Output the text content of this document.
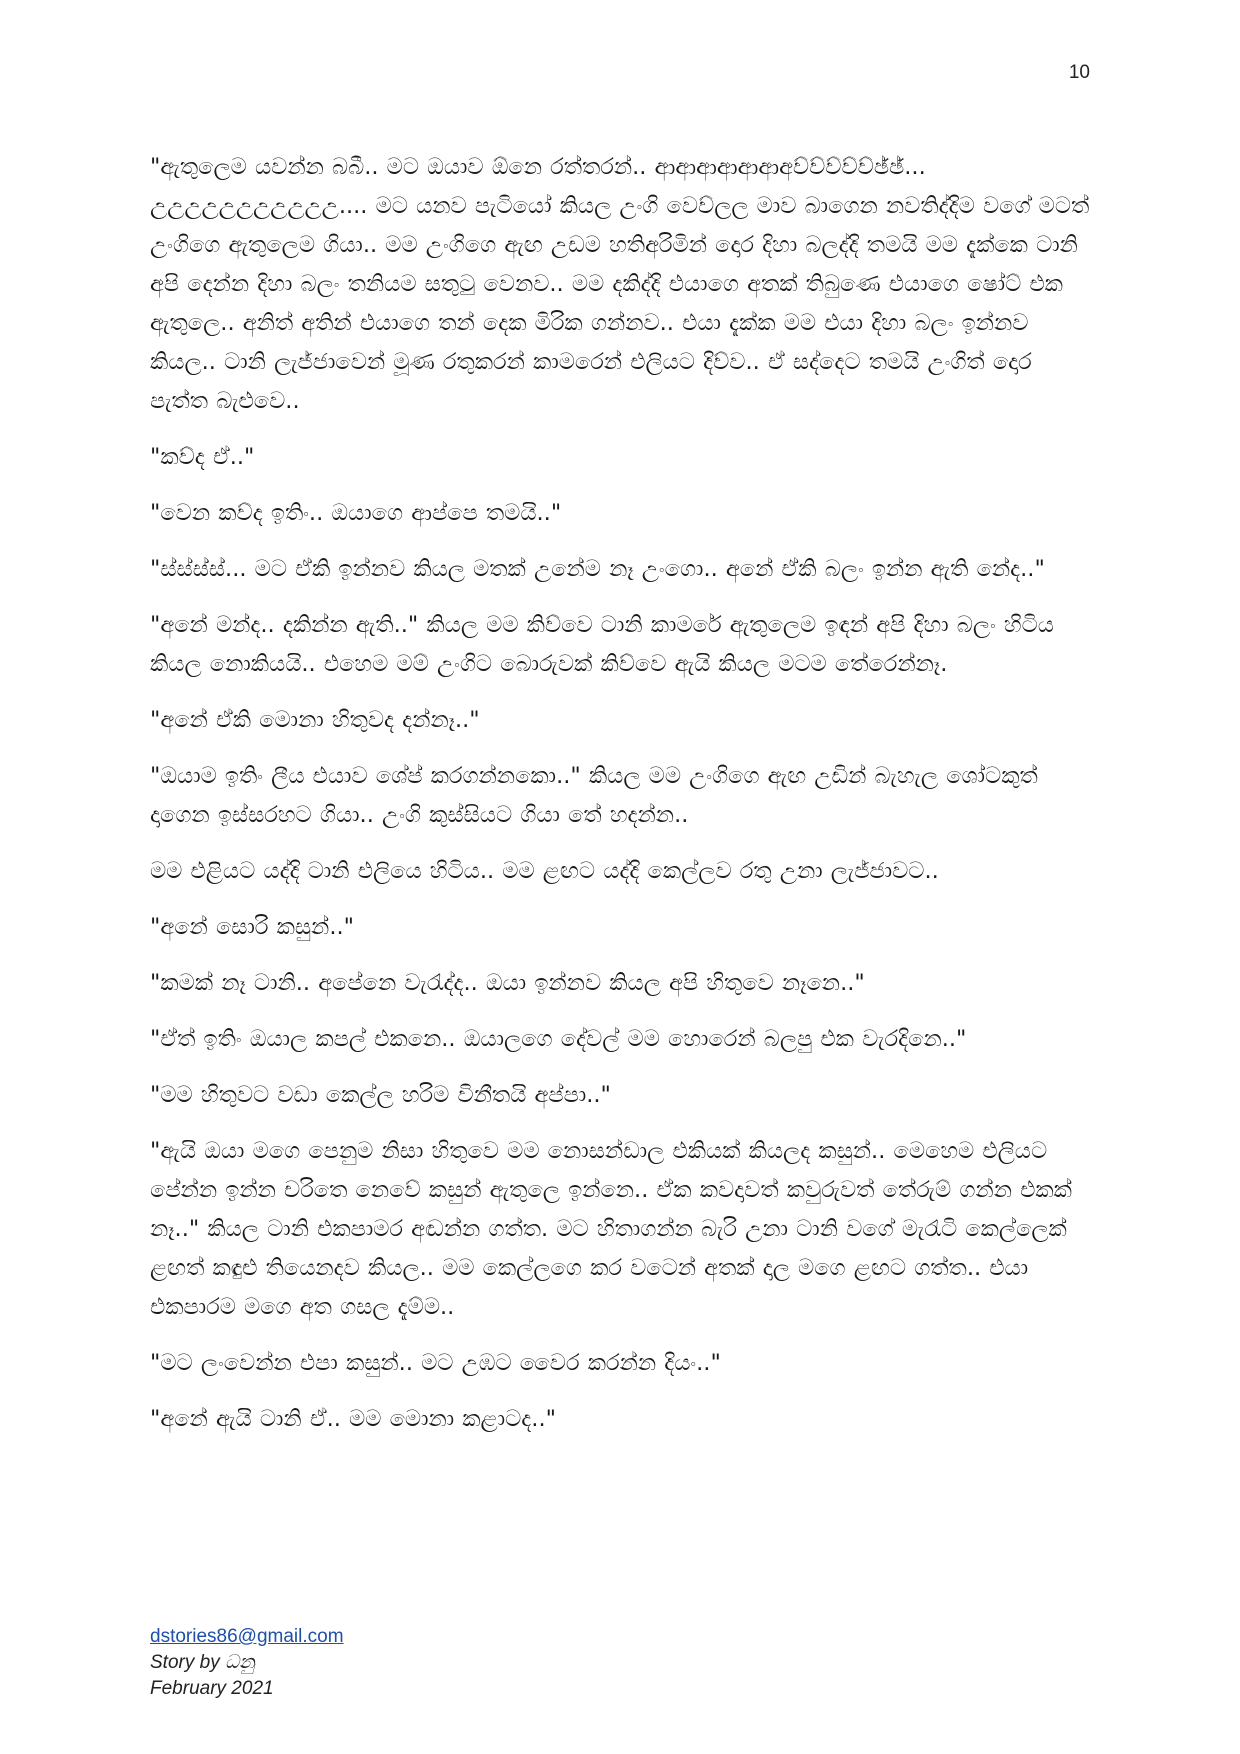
10

"ඇතුලෙම යවන්න බබී.. මට ඔයාව ඕනෙ රත්තරන්.. ආආආආආආඅව්ව්ව්ව්ව්ඡ්ඡ්... උඋඋඋඋඋඋඋඋඋඋ.... මට යනව පැටියෝ කියල උංගි වෙව්ලල මාව බාගෙන නවතිද්දිම වගේ මටත් උංගිගෙ ඇතුලෙම ගියා.. මම උංගිගෙ ඇඟ උඩම හතිඅරිමින් දොර දිහා බලද්දි තමයි මම දැක්කෙ ටානි අපි දෙන්න දිහා බලං තනියම සතුටු වෙනව.. මම දකිද්දි එයාගෙ අතක් තිබුණෙ එයාගෙ ෂෝට් එක ඇතුලෙ.. අනිත් අතින් එයාගෙ තන් දෙක මිරික ගන්නව.. එයා දැක්ක මම එයා දිහා බලං ඉන්නව කියල.. ටානි ලැජ්ජාවෙන් මූණ රතුකරන් කාමරෙන් එලියට දිව්ව.. ඒ සද්දෙට තමයි උංගිත් දොර පැත්ත බැළුවෙ..

"කව්ද ඒ.."

"වෙන කව්ද ඉතිං.. ඔයාගෙ ආප්පෙ තමයි.."

"ස්ස්ස්ස්... මට ඒකි ඉන්නව කියල මතක් උනේම නෑ උංගො.. අනේ ඒකි බලං ඉන්න ඇති නේද.."

"අනේ මන්ද.. දකින්න ඇති.." කියල මම කිව්වෙ ටානි කාමරේ ඇතුලෙම ඉඳන් අපි දිහා බලං හිටිය කියල නොකියයි.. එහෙම මම් උංගිට බොරුවක් කිව්වෙ ඇයි කියල මටම තේරෙන්නෑ.

"අනේ ඒකි මොනා හිතුවද දන්නෑ.."

"ඔයාම ඉතිං ලීය එයාව ශේප් කරගන්නකො.." කියල මම උංගිගෙ ඇඟ උඩින් බැහැල ශෝටකුත් දාගෙන ඉස්සරහට ගියා.. උංගි කුස්සියට ගියා තේ හදන්න..

මම එළියට යද්දි ටානි එලියෙ හිටිය.. මම ළඟට යද්දි කෙල්ලව රතු උනා ලැජ්ජාවට..

"අනේ සොරි කසුන්.."

"කමක් නෑ ටානි.. අපේනෙ වැරැද්ද.. ඔයා ඉන්නව කියල අපි හිතුවෙ නෑනෙ.."

"ඒත් ඉතිං ඔයාල කපල් එකනෙ.. ඔයාලගෙ දේවල් මම හොරෙන් බලපු එක වැරදිනෙ.."

"මම හිතුවට වඩා කෙල්ල හරිම විනීතයි අප්පා.."

"ඇයි ඔයා මගෙ පෙනුම නිසා හිතුවෙ මම නොසන්ඩාල එකියක් කියලද කසුන්.. මෙහෙම එලියට පේන්න ඉන්න චරිතෙ නෙවේ කසුන් ඇතුලෙ ඉන්නෙ.. ඒක කවදාවත් කවුරුවත් තේරුම් ගන්න එකක් නෑ.." කියල ටානි එකපාමර අඬන්න ගත්ත. මට හිතාගන්න බැරි උනා ටානි වගේ මැරැටි කෙල්ලෙක් ළඟත් කඳුළු තියෙනදව කියල.. මම කෙල්ලගෙ කර වටෙන් අතක් දාල මගෙ ළඟට ගත්ත.. එයා එකපාරම මගෙ අත ගසල දැම්ම..

"මට ලංවෙන්න එපා කසුන්.. මට උඹට වෛර කරන්න දියං.."

"අනේ ඇයි ටානි ඒ.. මම මොනා කළාටද.."

dstories86@gmail.com
Story by ධනු
February 2021
